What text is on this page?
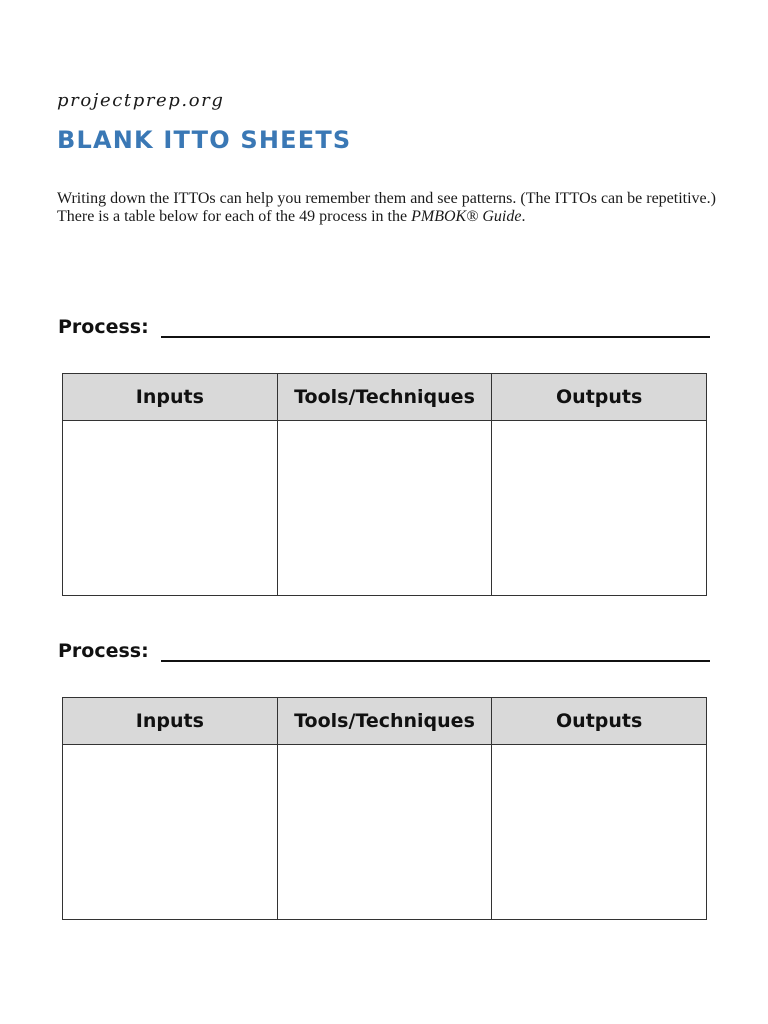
projectprep.org
BLANK ITTO SHEETS

Writing down the ITTOs can help you remember them and see patterns. (The ITTOs can be repetitive.) There is a table below for each of the 49 process in the PMBOK® Guide.

Process:
Inputs	Tools/Techniques	Outputs

Process:
Inputs	Tools/Techniques	Outputs
